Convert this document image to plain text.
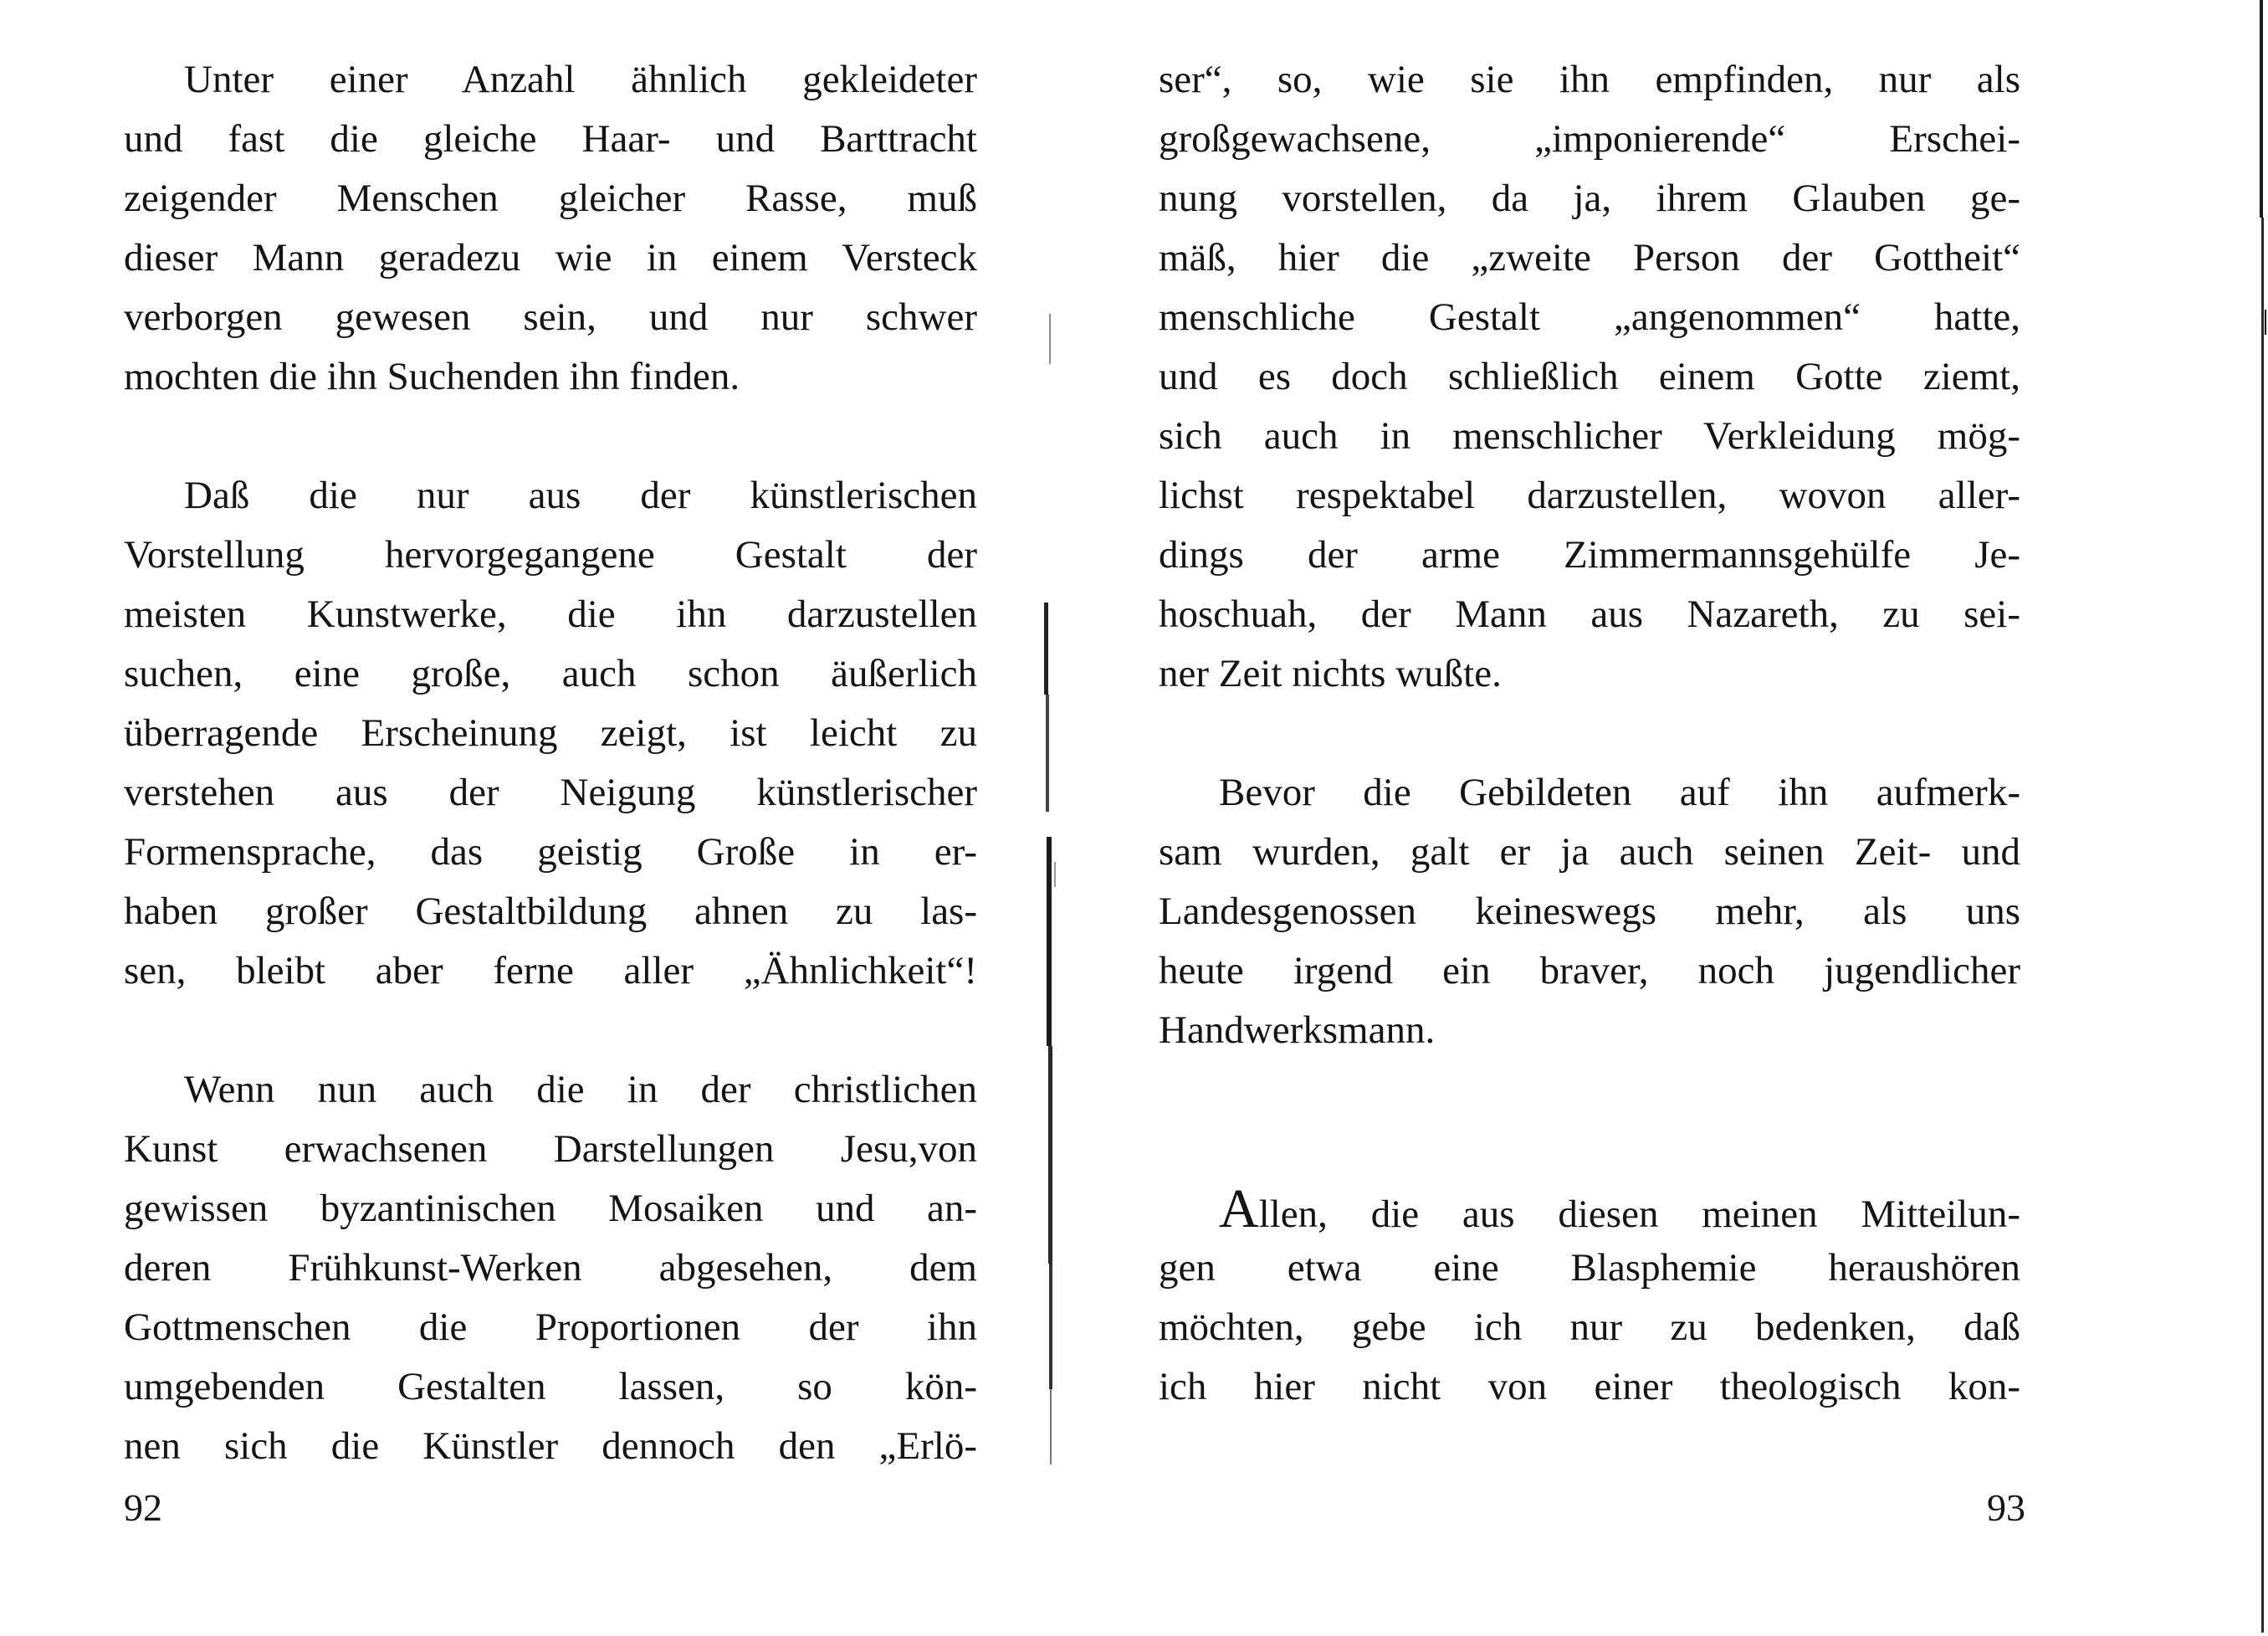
Unter einer Anzahl ähnlich gekleideter
und fast die gleiche Haar- und Barttracht
zeigender Menschen gleicher Rasse, muß
dieser Mann geradezu wie in einem Versteck
verborgen gewesen sein, und nur schwer
mochten die ihn Suchenden ihn finden.
Daß die nur aus der künstlerischen
Vorstellung hervorgegangene Gestalt der
meisten Kunstwerke, die ihn darzustellen
suchen, eine große, auch schon äußerlich
überragende Erscheinung zeigt, ist leicht zu
verstehen aus der Neigung künstlerischer
Formensprache, das geistig Große in er-
haben großer Gestaltbildung ahnen zu las-
sen, bleibt aber ferne aller „Ähnlichkeit“!
Wenn nun auch die in der christlichen
Kunst erwachsenen Darstellungen Jesu,von
gewissen byzantinischen Mosaiken und an-
deren Frühkunst-Werken abgesehen, dem
Gottmenschen die Proportionen der ihn
umgebenden Gestalten lassen, so kön-
nen sich die Künstler dennoch den „Erlö-
92
ser“, so, wie sie ihn empfinden, nur als
großgewachsene, „imponierende“ Erschei-
nung vorstellen, da ja, ihrem Glauben ge-
mäß, hier die „zweite Person der Gottheit“
menschliche Gestalt „angenommen“ hatte,
und es doch schließlich einem Gotte ziemt,
sich auch in menschlicher Verkleidung mög-
lichst respektabel darzustellen, wovon aller-
dings der arme Zimmermannsgehülfe Je-
hoschuah, der Mann aus Nazareth, zu sei-
ner Zeit nichts wußte.
Bevor die Gebildeten auf ihn aufmerk-
sam wurden, galt er ja auch seinen Zeit- und
Landesgenossen keineswegs mehr, als uns
heute irgend ein braver, noch jugendlicher
Handwerksmann.
Allen, die aus diesen meinen Mitteilun-
gen etwa eine Blasphemie heraushören
möchten, gebe ich nur zu bedenken, daß
ich hier nicht von einer theologisch kon-
93
